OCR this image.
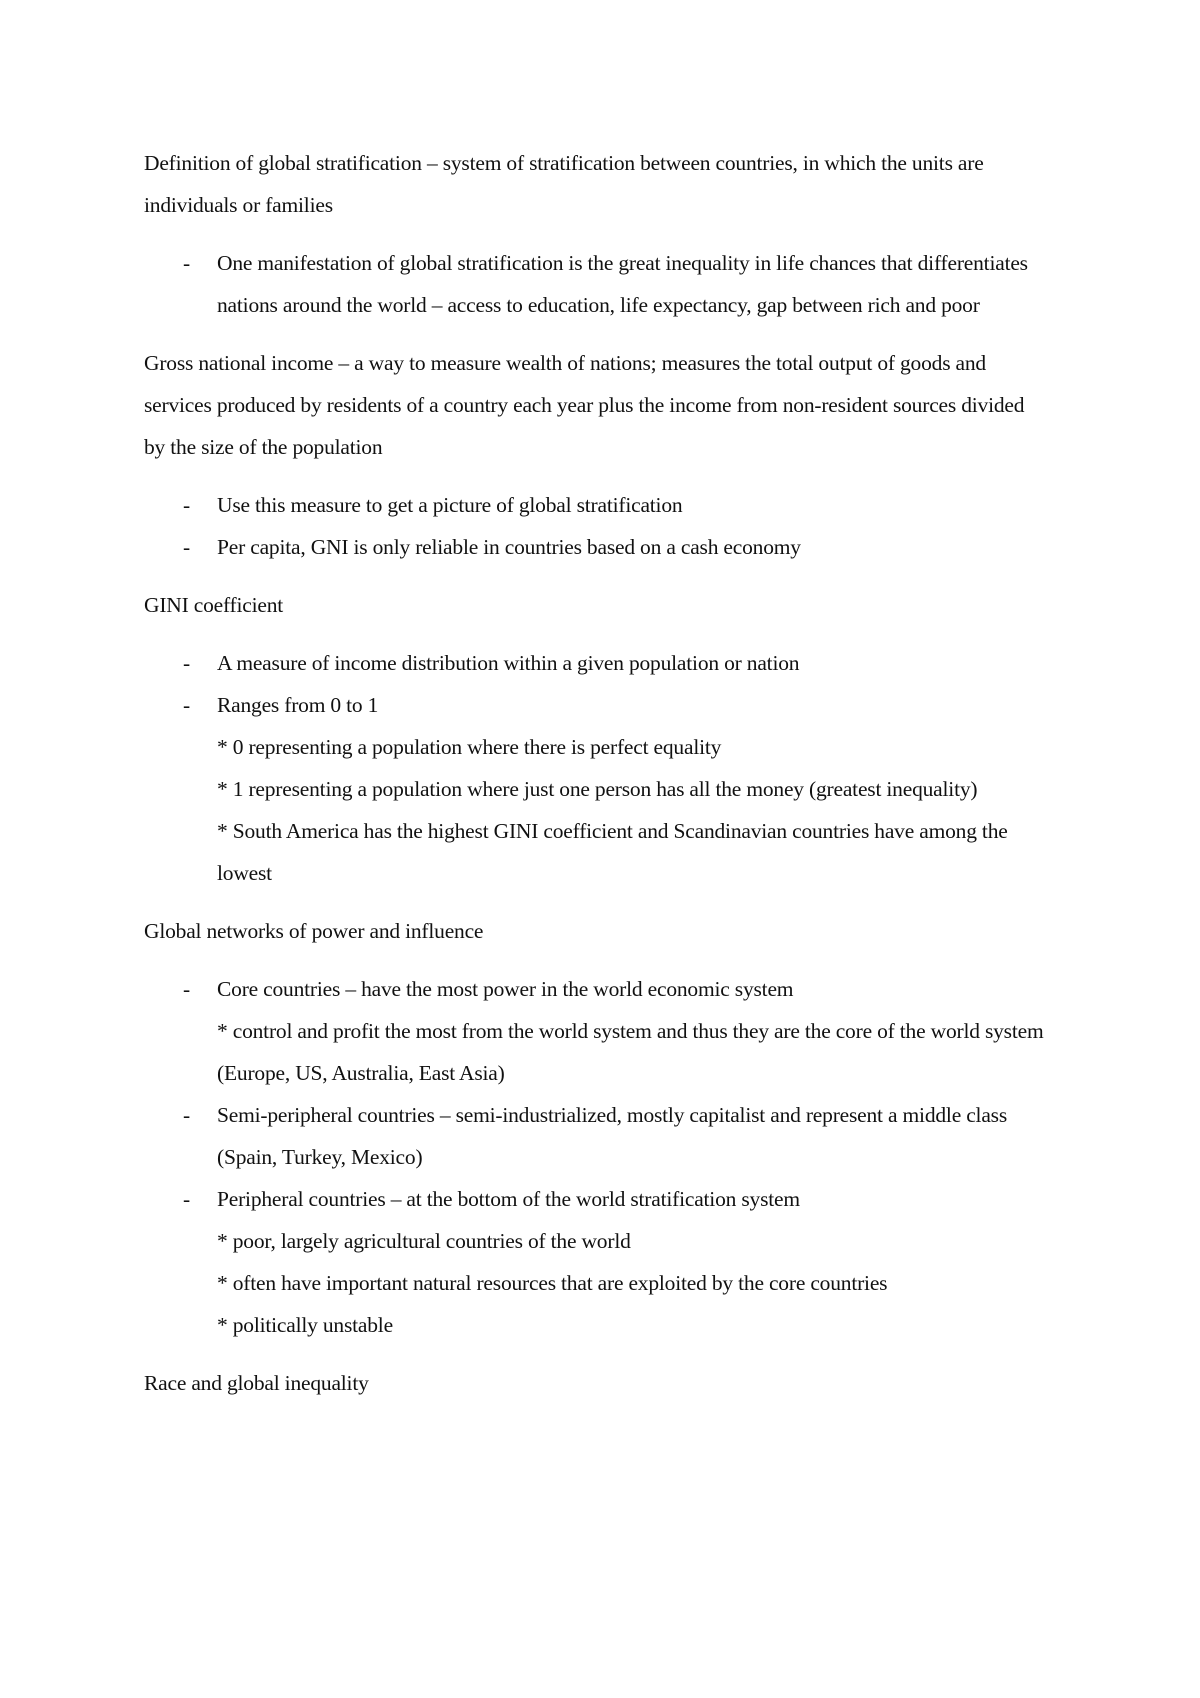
Definition of global stratification – system of stratification between countries, in which the units are individuals or families

- One manifestation of global stratification is the great inequality in life chances that differentiates nations around the world – access to education, life expectancy, gap between rich and poor

Gross national income – a way to measure wealth of nations; measures the total output of goods and services produced by residents of a country each year plus the income from non-resident sources divided by the size of the population

- Use this measure to get a picture of global stratification
- Per capita, GNI is only reliable in countries based on a cash economy

GINI coefficient

- A measure of income distribution within a given population or nation
- Ranges from 0 to 1
* 0 representing a population where there is perfect equality
* 1 representing a population where just one person has all the money (greatest inequality)
* South America has the highest GINI coefficient and Scandinavian countries have among the lowest

Global networks of power and influence

- Core countries – have the most power in the world economic system
* control and profit the most from the world system and thus they are the core of the world system (Europe, US, Australia, East Asia)
- Semi-peripheral countries – semi-industrialized, mostly capitalist and represent a middle class (Spain, Turkey, Mexico)
- Peripheral countries – at the bottom of the world stratification system
* poor, largely agricultural countries of the world
* often have important natural resources that are exploited by the core countries
* politically unstable

Race and global inequality
